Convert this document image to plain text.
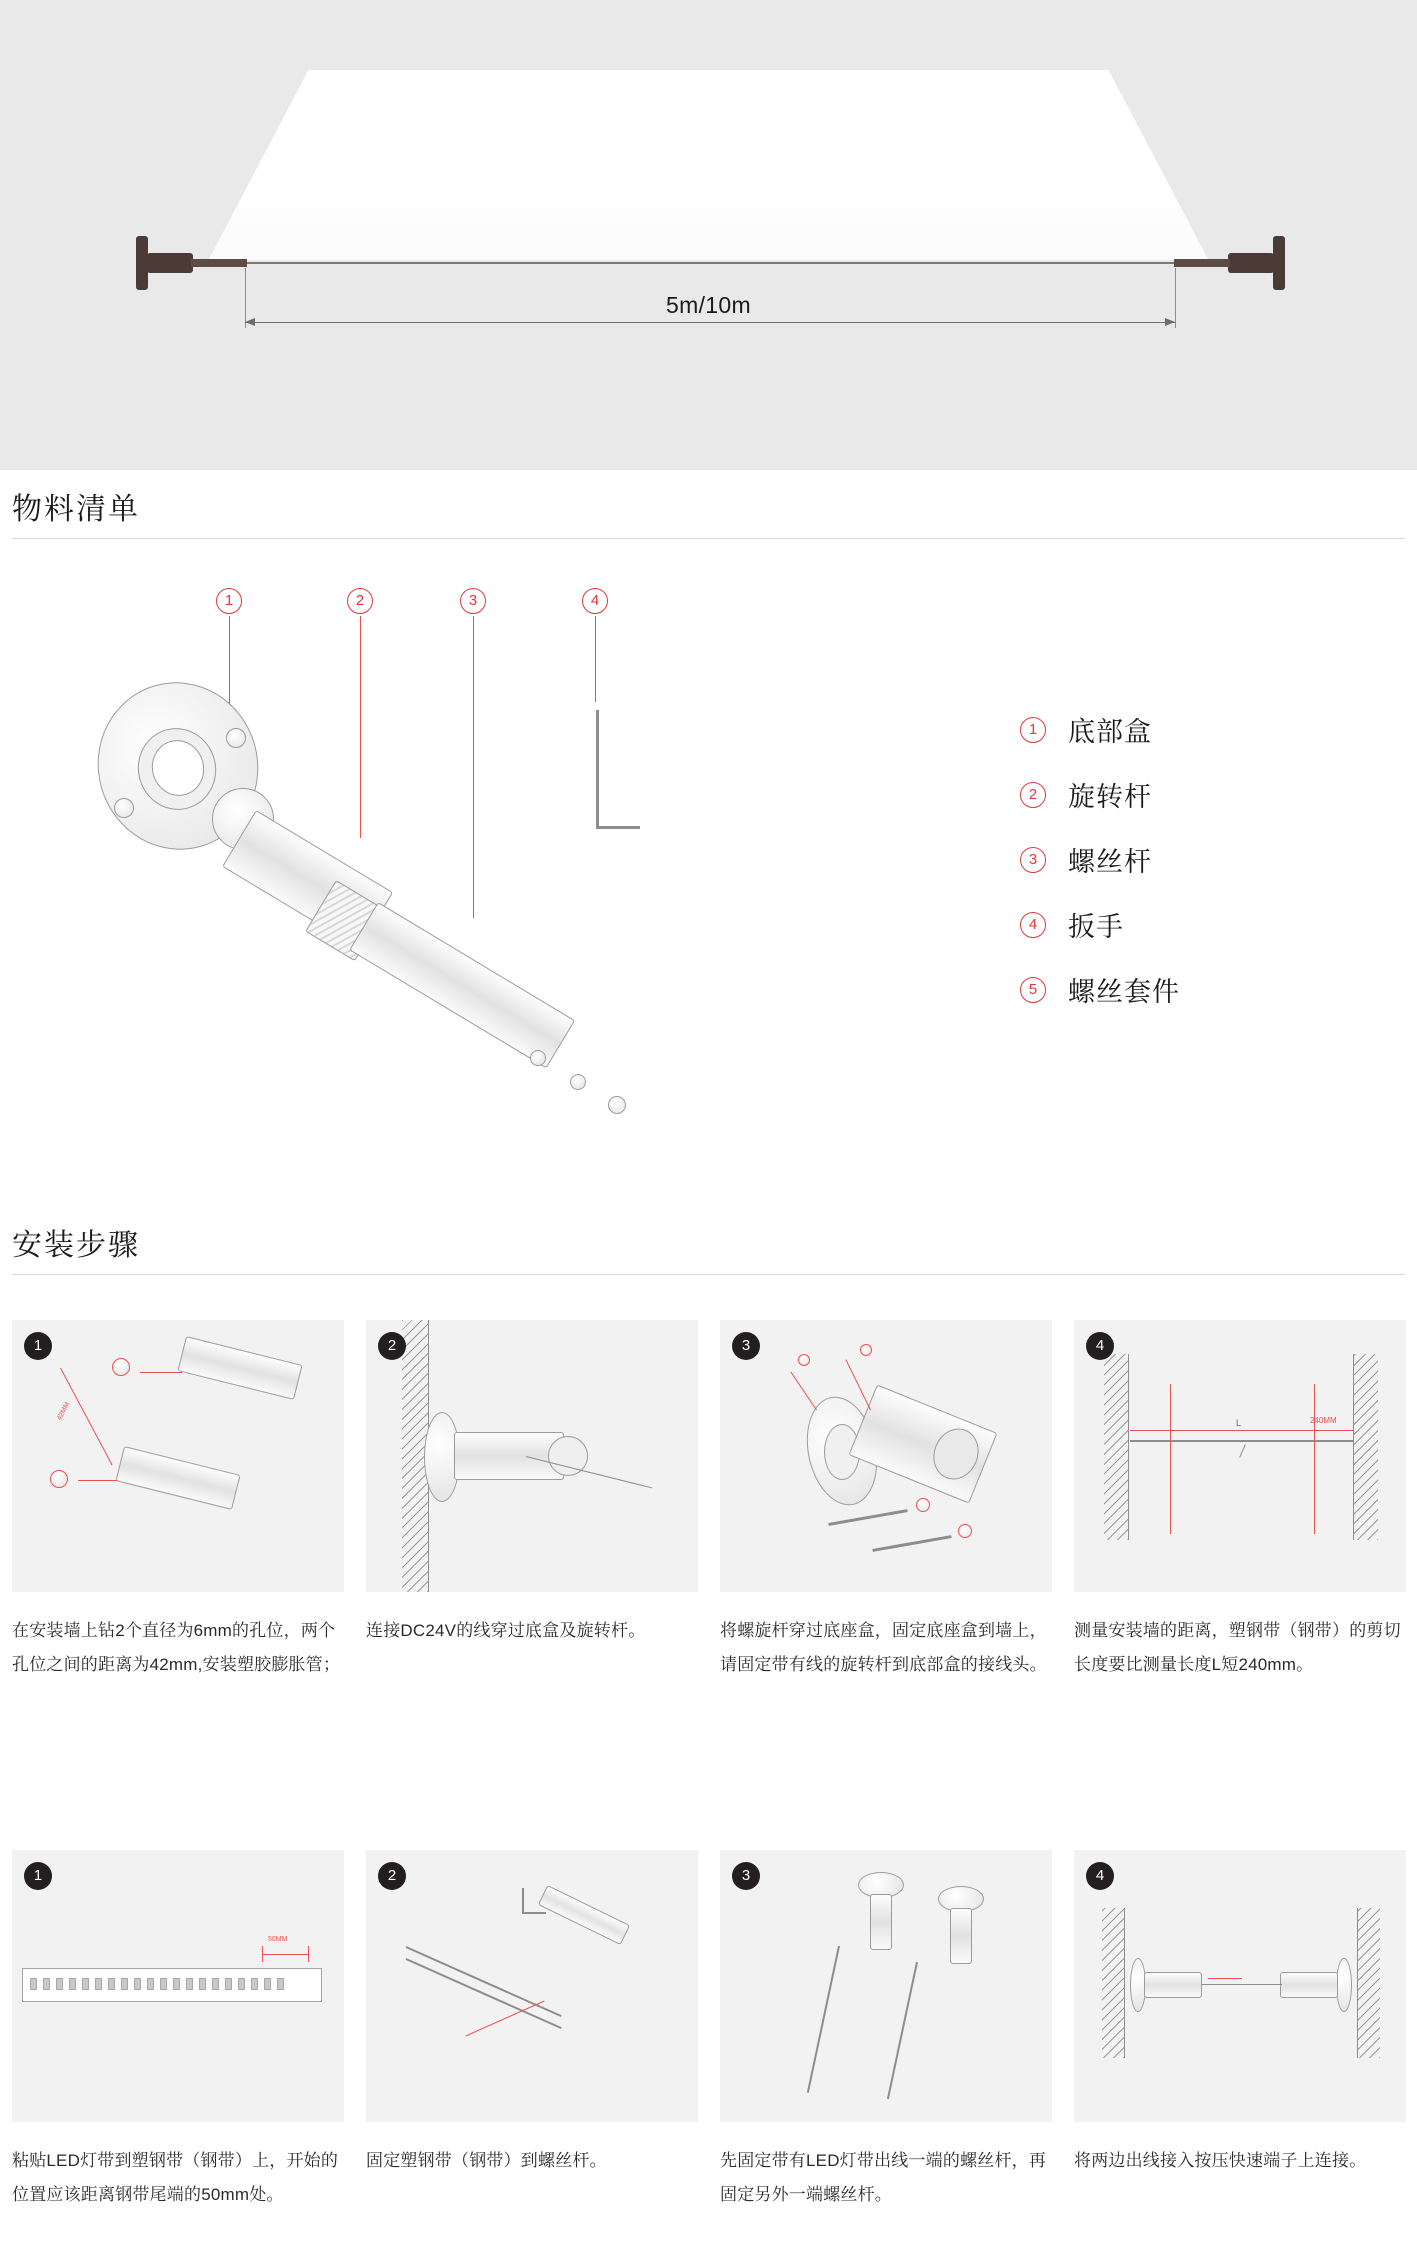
5m/10m
物料清单
1	2	3	4
1	底部盒
2	旋转杆
3	螺丝杆
4	扳手
5	螺丝套件
安装步骤
1
42MM
在安装墙上钻2个直径为6mm的孔位，两个孔位之间的距离为42mm,安装塑胶膨胀管；
2
连接DC24V的线穿过底盒及旋转杆。
3
将螺旋杆穿过底座盒，固定底座盒到墙上，请固定带有线的旋转杆到底部盒的接线头。
4
L	240MM
测量安装墙的距离，塑钢带（钢带）的剪切长度要比测量长度L短240mm。
1
50MM
粘贴LED灯带到塑钢带（钢带）上，开始的位置应该距离钢带尾端的50mm处。
2
固定塑钢带（钢带）到螺丝杆。
3
先固定带有LED灯带出线一端的螺丝杆，再固定另外一端螺丝杆。
4
将两边出线接入按压快速端子上连接。
